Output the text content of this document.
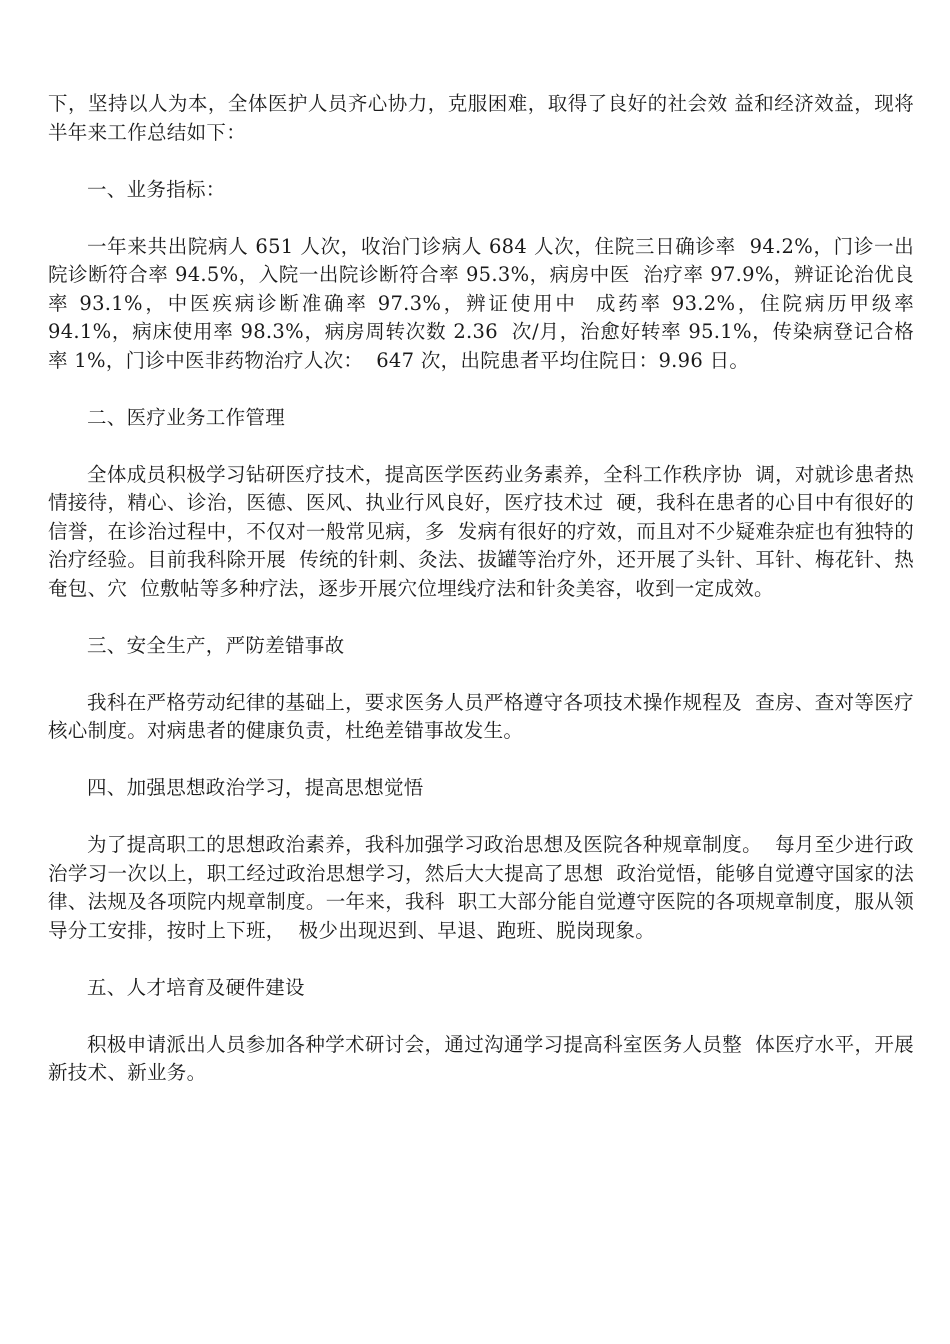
下，坚持以人为本，全体医护人员齐心协力，克服困难，取得了良好的社会效 益和经济效益，现将半年来工作总结如下：

一、业务指标：

一年来共出院病人 651 人次，收治门诊病人 684 人次，住院三日确诊率  94.2%，门诊一出院诊断符合率 94.5%，入院一出院诊断符合率 95.3%，病房中医  治疗率 97.9%，辨证论治优良率 93.1%，中医疾病诊断准确率 97.3%，辨证使用中  成药率 93.2%，住院病历甲级率 94.1%，病床使用率 98.3%，病房周转次数 2.36  次/月，治愈好转率 95.1%，传染病登记合格率 1%，门诊中医非药物治疗人次：  647 次，出院患者平均住院日：9.96 日。

二、医疗业务工作管理

全体成员积极学习钻研医疗技术，提高医学医药业务素养，全科工作秩序协  调，对就诊患者热情接待，精心、诊治，医德、医风、执业行风良好，医疗技术过  硬，我科在患者的心目中有很好的信誉，在诊治过程中，不仅对一般常见病，多  发病有很好的疗效，而且对不少疑难杂症也有独特的治疗经验。目前我科除开展  传统的针刺、灸法、拔罐等治疗外，还开展了头针、耳针、梅花针、热奄包、穴  位敷帖等多种疗法，逐步开展穴位埋线疗法和针灸美容，收到一定成效。

三、安全生产，严防差错事故

我科在严格劳动纪律的基础上，要求医务人员严格遵守各项技术操作规程及  查房、查对等医疗核心制度。对病患者的健康负责，杜绝差错事故发生。

四、加强思想政治学习，提高思想觉悟

为了提高职工的思想政治素养，我科加强学习政治思想及医院各种规章制度。  每月至少进行政治学习一次以上，职工经过政治思想学习，然后大大提高了思想  政治觉悟，能够自觉遵守国家的法律、法规及各项院内规章制度。一年来，我科  职工大部分能自觉遵守医院的各项规章制度，服从领导分工安排，按时上下班，  极少出现迟到、早退、跑班、脱岗现象。

五、人才培育及硬件建设

积极申请派出人员参加各种学术研讨会，通过沟通学习提高科室医务人员整  体医疗水平，开展新技术、新业务。
